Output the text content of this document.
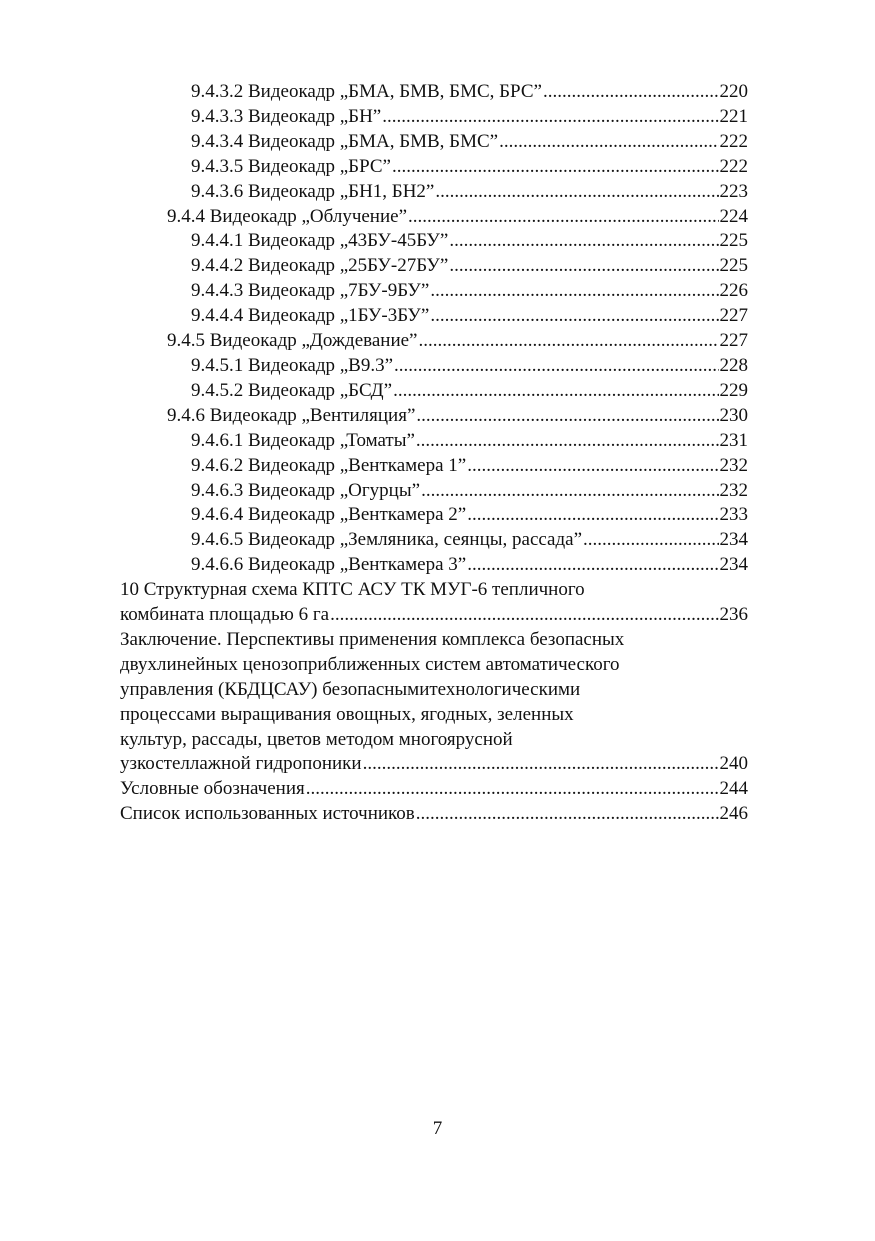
9.4.3.2 Видеокадр „БМА, БМВ, БМС, БРС” .....	220
9.4.3.3 Видеокадр „БН” .....	221
9.4.3.4 Видеокадр „БМА, БМВ, БМС” .....	222
9.4.3.5 Видеокадр „БРС” .....	222
9.4.3.6 Видеокадр „БН1, БН2” .....	223
9.4.4 Видеокадр „Облучение” .....	224
9.4.4.1 Видеокадр „43БУ-45БУ” .....	225
9.4.4.2 Видеокадр „25БУ-27БУ” .....	225
9.4.4.3 Видеокадр „7БУ-9БУ” .....	226
9.4.4.4 Видеокадр „1БУ-3БУ” .....	227
9.4.5 Видеокадр „Дождевание” .....	227
9.4.5.1 Видеокадр „В9.3” .....	228
9.4.5.2 Видеокадр „БСД” .....	229
9.4.6 Видеокадр „Вентиляция” .....	230
9.4.6.1 Видеокадр „Томаты” .....	231
9.4.6.2 Видеокадр „Венткамера 1” .....	232
9.4.6.3 Видеокадр „Огурцы” .....	232
9.4.6.4 Видеокадр „Венткамера 2” .....	233
9.4.6.5 Видеокадр „Земляника, сеянцы, рассада” .....	234
9.4.6.6 Видеокадр „Венткамера 3” .....	234
10 Структурная схема КПТС АСУ ТК МУГ-6 тепличного
комбината площадью 6 га .....	236
Заключение. Перспективы применения комплекса безопасных
двухлинейных ценозоприближенных систем автоматического
управления (КБДЦСАУ) безопаснымитехнологическими
процессами выращивания овощных, ягодных, зеленных
культур, рассады, цветов методом многоярусной
узкостеллажной гидропоники .....	240
Условные обозначения .....	244
Список использованных источников .....	246
7
